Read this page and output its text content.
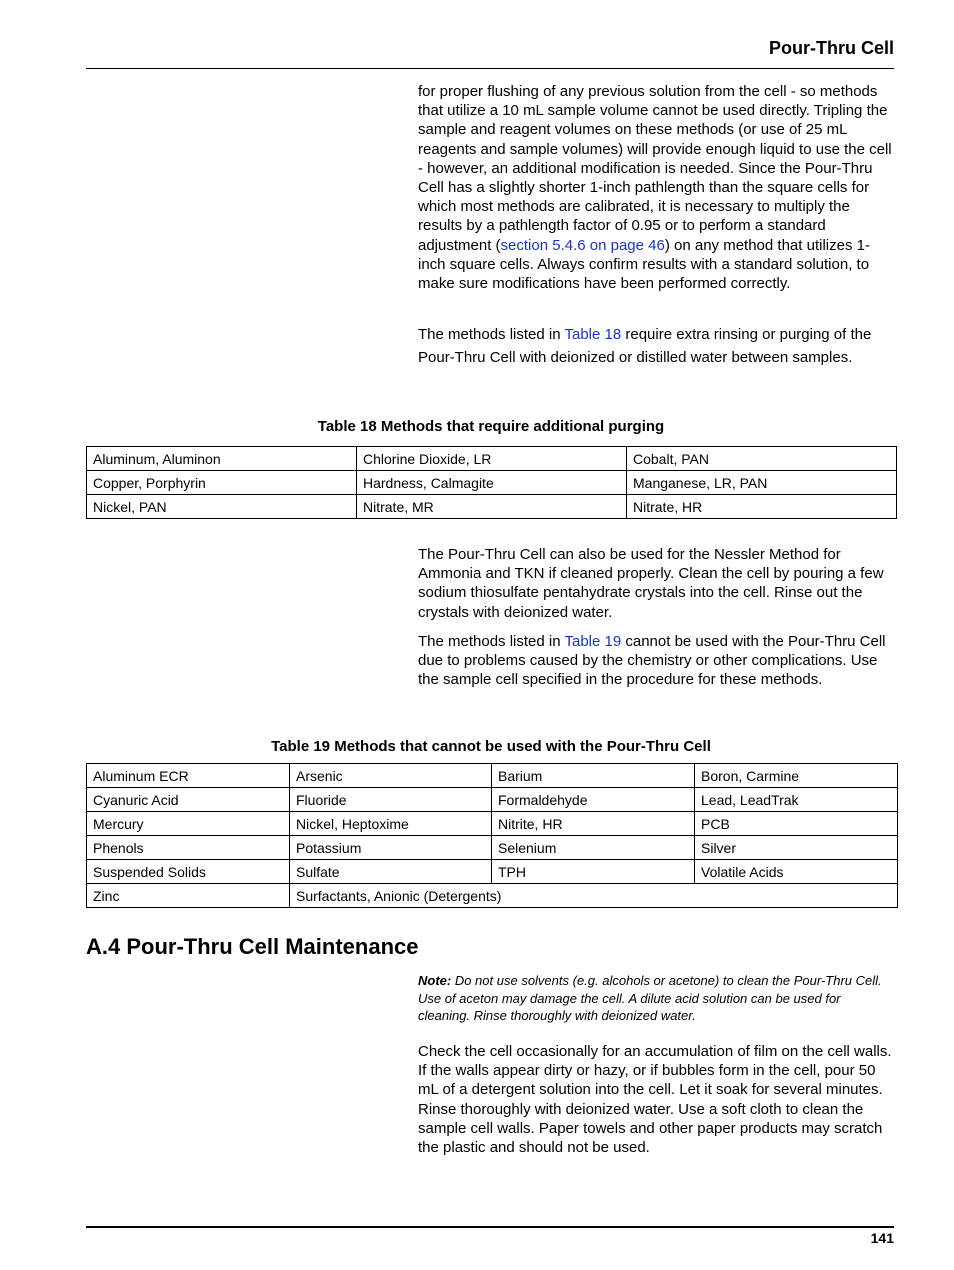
Pour-Thru Cell

for proper flushing of any previous solution from the cell - so methods that utilize a 10 mL sample volume cannot be used directly. Tripling the sample and reagent volumes on these methods (or use of 25 mL reagents and sample volumes) will provide enough liquid to use the cell - however, an additional modification is needed. Since the Pour-Thru Cell has a slightly shorter 1-inch pathlength than the square cells for which most methods are calibrated, it is necessary to multiply the results by a pathlength factor of 0.95 or to perform a standard adjustment (section 5.4.6 on page 46) on any method that utilizes 1-inch square cells. Always confirm results with a standard solution, to make sure modifications have been performed correctly.

The methods listed in Table 18 require extra rinsing or purging of the Pour-Thru Cell with deionized or distilled water between samples.

Table 18 Methods that require additional purging
Aluminum, Aluminon	Chlorine Dioxide, LR	Cobalt, PAN
Copper, Porphyrin	Hardness, Calmagite	Manganese, LR, PAN
Nickel, PAN	Nitrate, MR	Nitrate, HR

The Pour-Thru Cell can also be used for the Nessler Method for Ammonia and TKN if cleaned properly. Clean the cell by pouring a few sodium thiosulfate pentahydrate crystals into the cell. Rinse out the crystals with deionized water.

The methods listed in Table 19 cannot be used with the Pour-Thru Cell due to problems caused by the chemistry or other complications. Use the sample cell specified in the procedure for these methods.

Table 19 Methods that cannot be used with the Pour-Thru Cell
Aluminum ECR	Arsenic	Barium	Boron, Carmine
Cyanuric Acid	Fluoride	Formaldehyde	Lead, LeadTrak
Mercury	Nickel, Heptoxime	Nitrite, HR	PCB
Phenols	Potassium	Selenium	Silver
Suspended Solids	Sulfate	TPH	Volatile Acids
Zinc	Surfactants, Anionic (Detergents)		
A.4 Pour-Thru Cell Maintenance
Note: Do not use solvents (e.g. alcohols or acetone) to clean the Pour-Thru Cell. Use of aceton may damage the cell. A dilute acid solution can be used for cleaning. Rinse thoroughly with deionized water.

Check the cell occasionally for an accumulation of film on the cell walls. If the walls appear dirty or hazy, or if bubbles form in the cell, pour 50 mL of a detergent solution into the cell. Let it soak for several minutes. Rinse thoroughly with deionized water. Use a soft cloth to clean the sample cell walls. Paper towels and other paper products may scratch the plastic and should not be used.

141
